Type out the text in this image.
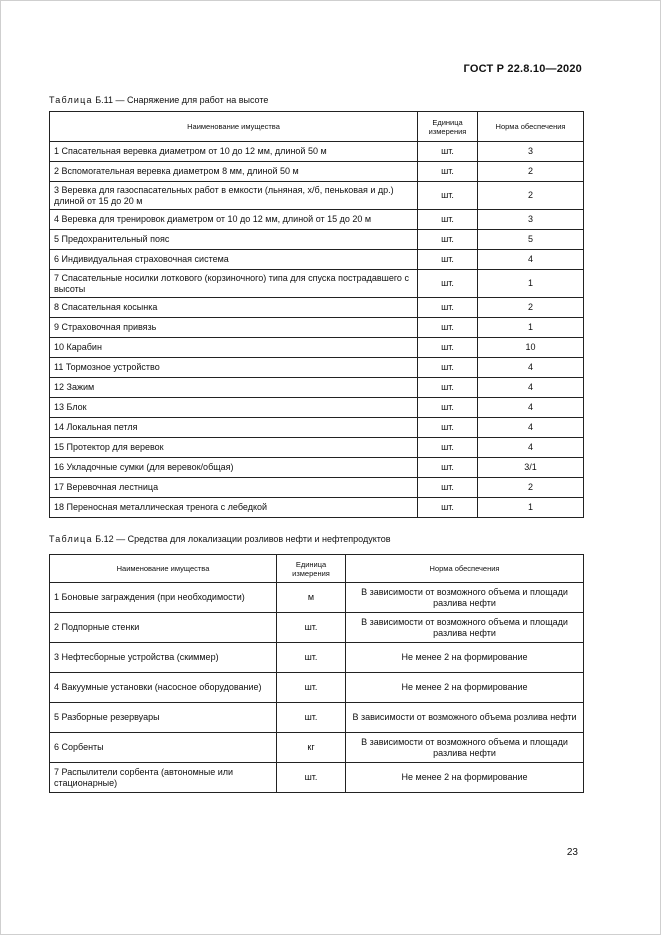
ГОСТ Р 22.8.10—2020
Таблица Б.11 — Снаряжение для работ на высоте
Наименование имущества	Единица измерения	Норма обеспечения
1 Спасательная веревка диаметром от 10 до 12 мм, длиной 50 м	шт.	3
2 Вспомогательная веревка диаметром 8 мм, длиной 50 м	шт.	2
3 Веревка для газоспасательных работ в емкости (льняная, х/б, пеньковая и др.) длиной от 15 до 20 м	шт.	2
4 Веревка для тренировок диаметром от 10 до 12 мм, длиной от 15 до 20 м	шт.	3
5 Предохранительный пояс	шт.	5
6 Индивидуальная страховочная система	шт.	4
7 Спасательные носилки лоткового (корзиночного) типа для спуска пострадавшего с высоты	шт.	1
8 Спасательная косынка	шт.	2
9 Страховочная привязь	шт.	1
10 Карабин	шт.	10
11 Тормозное устройство	шт.	4
12 Зажим	шт.	4
13 Блок	шт.	4
14 Локальная петля	шт.	4
15 Протектор для веревок	шт.	4
16 Укладочные сумки (для веревок/общая)	шт.	3/1
17 Веревочная лестница	шт.	2
18 Переносная металлическая тренога с лебедкой	шт.	1
Таблица Б.12 — Средства для локализации розливов нефти и нефтепродуктов
Наименование имущества	Единица измерения	Норма обеспечения
1 Боновые заграждения (при необходимости)	м	В зависимости от возможного объема и площади разлива нефти
2 Подпорные стенки	шт.	В зависимости от возможного объема и площади разлива нефти
3 Нефтесборные устройства (скиммер)	шт.	Не менее 2 на формирование
4 Вакуумные установки (насосное оборудование)	шт.	Не менее 2 на формирование
5 Разборные резервуары	шт.	В зависимости от возможного объема розлива нефти
6 Сорбенты	кг	В зависимости от возможного объема и площади разлива нефти
7 Распылители сорбента (автономные или стационарные)	шт.	Не менее 2 на формирование
23
